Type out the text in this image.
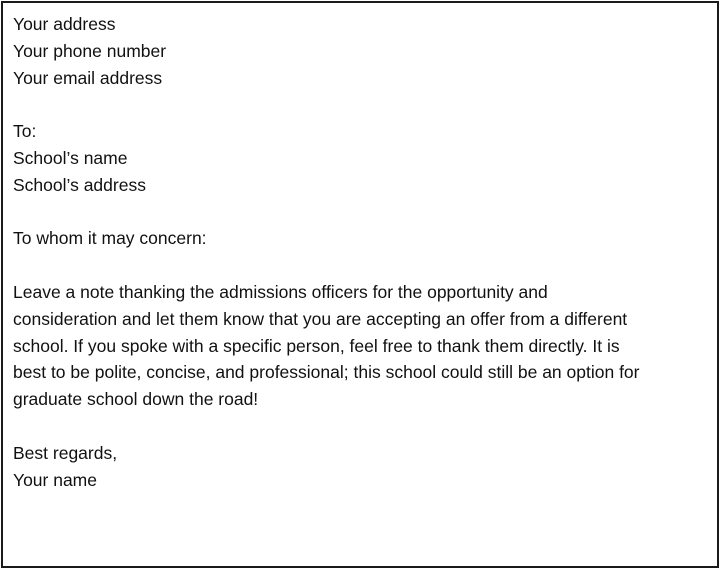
Your address
Your phone number
Your email address
To:
School’s name
School’s address
To whom it may concern:
Leave a note thanking the admissions officers for the opportunity and
consideration and let them know that you are accepting an offer from a different
school. If you spoke with a specific person, feel free to thank them directly. It is
best to be polite, concise, and professional; this school could still be an option for
graduate school down the road!
Best regards,
Your name
